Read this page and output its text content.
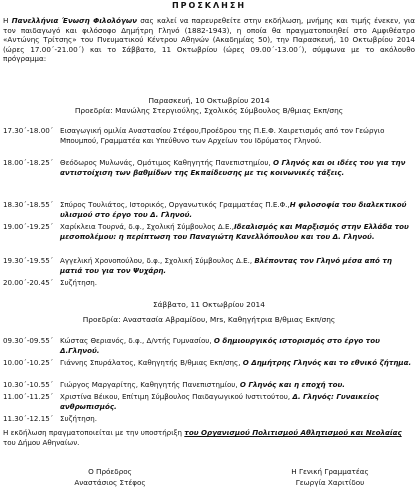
ΠΡΟΣΚΛΗΣΗ
Η Πανελλήνια Ένωση Φιλολόγων σας καλεί να παρευρεθείτε στην εκδήλωση, μνήμης και τιμής ένεκεν, για τον παιδαγωγό και φιλόσοφο Δημήτρη Γληνό (1882-1943), η οποία θα πραγματοποιηθεί στο Αμφιθέατρο «Αντώνης Τρίτσης» του Πνευματικού Κέντρου Αθηνών (Ακαδημίας 50), την Παρασκευή, 10 Οκτωβρίου 2014 (ώρες 17.00΄-21.00΄) και το Σάββατο, 11 Οκτωβρίου (ώρες 09.00΄-13.00΄), σύμφωνα με το ακόλουθο πρόγραμμα:
Παρασκευή, 10 Οκτωβρίου 2014
Προεδρία: Μανώλης Στεργιούλης, Σχολικός Σύμβουλος Β/θμιας Εκπ/σης
17.30΄-18.00΄ Εισαγωγική ομιλία Αναστασίου Στέφου,Προέδρου της Π.Ε.Φ. Χαιρετισμός από τον Γεώργιο Μπουμπού, Γραμματέα και Υπεύθυνο των Αρχείων του Ιδρύματος Γληνού.
18.00΄-18.25΄ Θεόδωρος Μυλωνάς, Ομότιμος Καθηγητής Πανεπιστημίου, Ο Γληνός και οι ιδέες του για την αντιστοίχιση των βαθμίδων της Εκπαίδευσης με τις κοινωνικές τάξεις.
18.30΄-18.55΄ Σπύρος Τουλιάτος, Ιστορικός, Οργανωτικός Γραμματέας Π.Ε.Φ.,Η φιλοσοφία του διαλεκτικού υλισμού στο έργο του Δ. Γληνού.
19.00΄-19.25΄ Χαρίκλεια Τουρνά, δ.φ., Σχολική Σύμβουλος Δ.Ε.,Ιδεαλισμός και Μαρξισμός στην Ελλάδα του μεσοπολέμου: η περίπτωση του Παναγιώτη Κανελλόπουλου και του Δ. Γληνού.
19.30΄-19.55΄ Αγγελική Χρονοπούλου, δ.φ., Σχολική Σύμβουλος Δ.Ε., Βλέποντας τον Γληνό μέσα από τη ματιά του για τον Ψυχάρη.
20.00΄-20.45΄ Συζήτηση.
Σάββατο, 11 Οκτωβρίου 2014
Προεδρία: Αναστασία Αβραμίδου, Mrs, Καθηγήτρια Β/θμιας Εκπ/σης
09.30΄-09.55΄ Κώστας Θεριανός, δ.φ., Δ/ντής Γυμνασίου, Ο δημιουργικός ιστορισμός στο έργο του Δ.Γληνού.
10.00΄-10.25΄ Γιάννης Σπυράλατος, Καθηγητής Β/θμιας Εκπ/σης, Ο Δημήτρης Γληνός και το εθνικό ζήτημα.
10.30΄-10.55΄ Γιώργος Μαργαρίτης, Καθηγητής Πανεπιστημίου, Ο Γληνός και η εποχή του.
11.00΄-11.25΄ Χριστίνα Βέικου, Επίτιμη Σύμβουλος Παιδαγωγικού Ινστιτούτου, Δ. Γληνός: Γυναικείος ανθρωπισμός.
11.30΄-12.15΄ Συζήτηση.
Η εκδήλωση πραγματοποιείται με την υποστήριξη του Οργανισμού Πολιτισμού Αθλητισμού και Νεολαίας του Δήμου Αθηναίων.
Ο Πρόεδρος
Αναστάσιος Στέφος
Η Γενική Γραμματέας
Γεωργία Χαριτίδου
